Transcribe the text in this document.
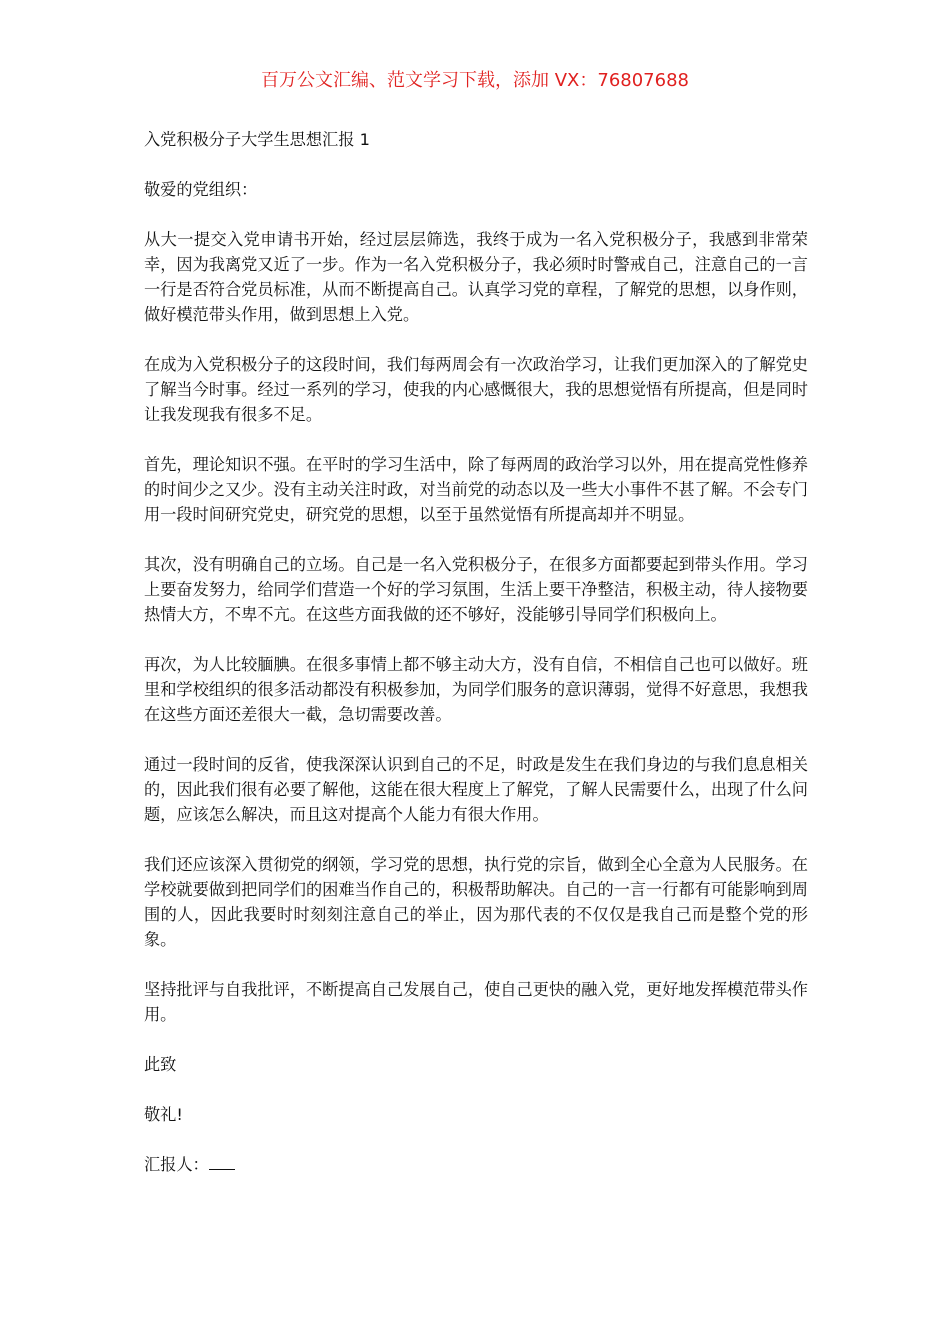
百万公文汇编、范文学习下载，添加 VX：76807688

入党积极分子大学生思想汇报 1

敬爱的党组织：

从大一提交入党申请书开始，经过层层筛选，我终于成为一名入党积极分子，我感到非常荣幸，因为我离党又近了一步。作为一名入党积极分子，我必须时时警戒自己，注意自己的一言一行是否符合党员标准，从而不断提高自己。认真学习党的章程，了解党的思想，以身作则，做好模范带头作用，做到思想上入党。

在成为入党积极分子的这段时间，我们每两周会有一次政治学习，让我们更加深入的了解党史了解当今时事。经过一系列的学习，使我的内心感慨很大，我的思想觉悟有所提高，但是同时让我发现我有很多不足。

首先，理论知识不强。在平时的学习生活中，除了每两周的政治学习以外，用在提高党性修养的时间少之又少。没有主动关注时政，对当前党的动态以及一些大小事件不甚了解。不会专门用一段时间研究党史，研究党的思想，以至于虽然觉悟有所提高却并不明显。

其次，没有明确自己的立场。自己是一名入党积极分子，在很多方面都要起到带头作用。学习上要奋发努力，给同学们营造一个好的学习氛围，生活上要干净整洁，积极主动，待人接物要热情大方，不卑不亢。在这些方面我做的还不够好，没能够引导同学们积极向上。

再次，为人比较腼腆。在很多事情上都不够主动大方，没有自信，不相信自己也可以做好。班里和学校组织的很多活动都没有积极参加，为同学们服务的意识薄弱，觉得不好意思，我想我在这些方面还差很大一截，急切需要改善。

通过一段时间的反省，使我深深认识到自己的不足，时政是发生在我们身边的与我们息息相关的，因此我们很有必要了解他，这能在很大程度上了解党，了解人民需要什么，出现了什么问题，应该怎么解决，而且这对提高个人能力有很大作用。

我们还应该深入贯彻党的纲领，学习党的思想，执行党的宗旨，做到全心全意为人民服务。在学校就要做到把同学们的困难当作自己的，积极帮助解决。自己的一言一行都有可能影响到周围的人，因此我要时时刻刻注意自己的举止，因为那代表的不仅仅是我自己而是整个党的形象。

坚持批评与自我批评，不断提高自己发展自己，使自己更快的融入党，更好地发挥模范带头作用。

此致

敬礼!

汇报人：
